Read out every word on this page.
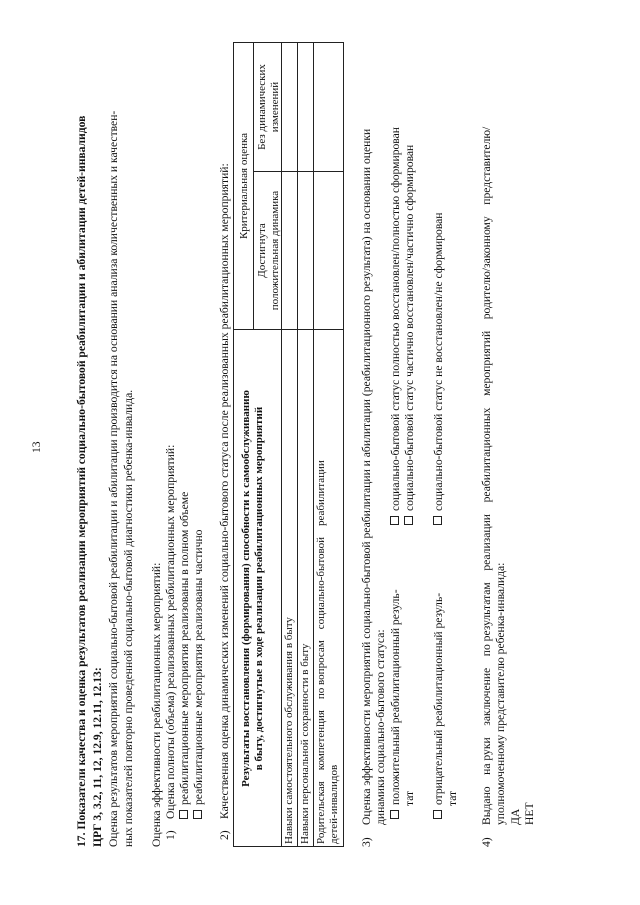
13	17. Показатели качества и оценка результатов реализации мероприятий социально-бытовой реабилитации и абилитации детей-инвалидов ЦРГ 3, 3.2, 11, 12, 12.9, 12.11, 12.13: Оценка результатов мероприятий социально-бытовой реабилитации и абилитации производится на основании анализа количественных и качествен- ных показателей повторно проведенной социально-бытовой диагностики ребенка-инвалида. Оценка эффективности реабилитационных мероприятий: 1)
Оценка полноты (объема) реализованных реабилитационных мероприятий: реабилитационные мероприятия реализованы в полном объеме реабилитационные мероприятия реализованы частично
2)
Качественная оценка динамических изменений социально-бытового статуса после реализованных реабилитационных мероприятий: Результаты восстановления (формирования) способности к самообслуживанию в быту, достигнутые в ходе реализации реабилитационных мероприятий
Критериальная оценка
Достигнута положительная динамика
Без динамических изменений
Навыки самостоятельного обслуживания в быту Навыки персональной сохранности в быту Родительская    компетенция    по вопросам    социально-бытовой    реабилитации детей-инвалидов 3)
Оценка эффективности мероприятий социально-бытовой реабилитации и абилитации (реабилитационного результата) на основании оценки динамики социально-бытового статуса: положительный реабилитационный резуль- тат
социально-бытовой статус полностью восстановлен/полностью сформирован социально-бытовой статус частично восстановлен/частично сформирован
отрицательный реабилитационный резуль- тат
социально-бытовой статус не восстановлен/не сформирован
4)
Выдано    на руки    заключение    по результатам    реализации    реабилитационных    мероприятий    родителю/законному    представителю/ уполномоченному представителю ребенка-инвалида: ДА НЕТ
